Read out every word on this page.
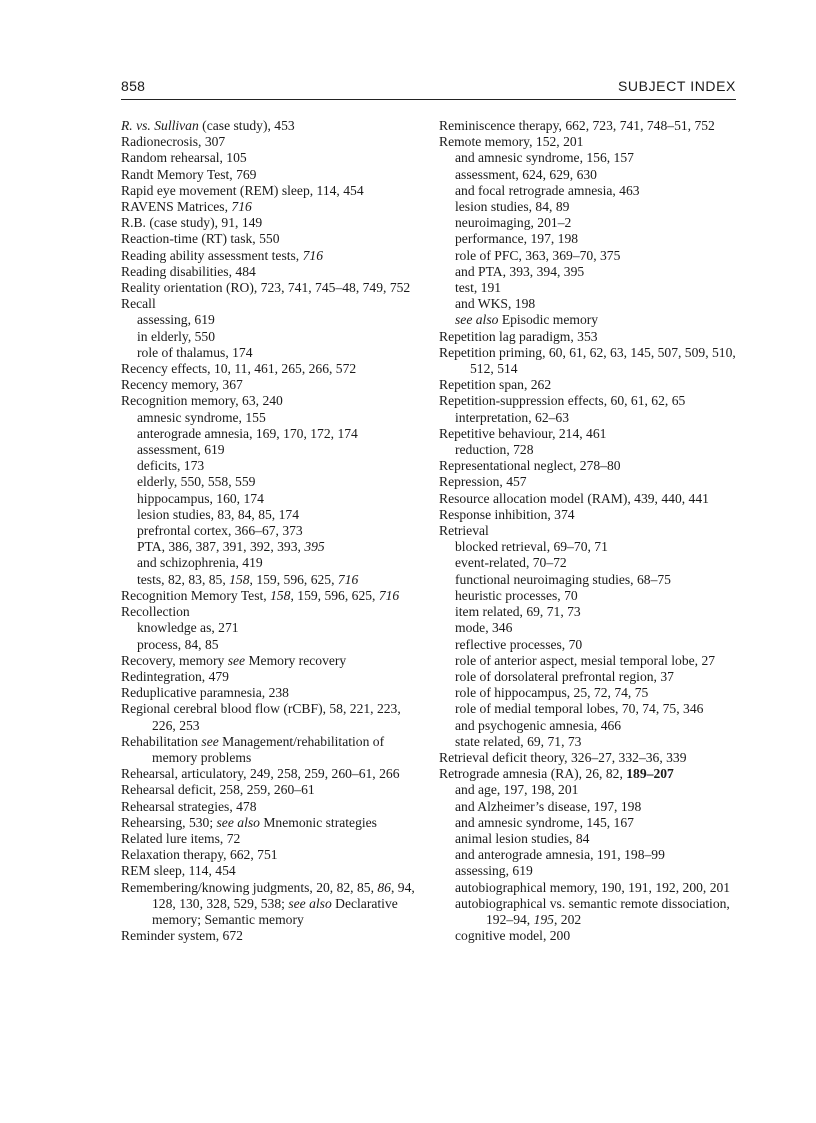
858	SUBJECT INDEX
R. vs. Sullivan (case study), 453
Radionecrosis, 307
Random rehearsal, 105
Randt Memory Test, 769
Rapid eye movement (REM) sleep, 114, 454
RAVENS Matrices, 716
R.B. (case study), 91, 149
Reaction-time (RT) task, 550
Reading ability assessment tests, 716
Reading disabilities, 484
Reality orientation (RO), 723, 741, 745–48, 749, 752
Recall
assessing, 619
in elderly, 550
role of thalamus, 174
Recency effects, 10, 11, 461, 265, 266, 572
Recency memory, 367
Recognition memory, 63, 240
amnesic syndrome, 155
anterograde amnesia, 169, 170, 172, 174
assessment, 619
deficits, 173
elderly, 550, 558, 559
hippocampus, 160, 174
lesion studies, 83, 84, 85, 174
prefrontal cortex, 366–67, 373
PTA, 386, 387, 391, 392, 393, 395
and schizophrenia, 419
tests, 82, 83, 85, 158, 159, 596, 625, 716
Recognition Memory Test, 158, 159, 596, 625, 716
Recollection
knowledge as, 271
process, 84, 85
Recovery, memory see Memory recovery
Redintegration, 479
Reduplicative paramnesia, 238
Regional cerebral blood flow (rCBF), 58, 221, 223, 226, 253
Rehabilitation see Management/rehabilitation of memory problems
Rehearsal, articulatory, 249, 258, 259, 260–61, 266
Rehearsal deficit, 258, 259, 260–61
Rehearsal strategies, 478
Rehearsing, 530; see also Mnemonic strategies
Related lure items, 72
Relaxation therapy, 662, 751
REM sleep, 114, 454
Remembering/knowing judgments, 20, 82, 85, 86, 94, 128, 130, 328, 529, 538; see also Declarative memory; Semantic memory
Reminder system, 672
Reminiscence therapy, 662, 723, 741, 748–51, 752
Remote memory, 152, 201
and amnesic syndrome, 156, 157
assessment, 624, 629, 630
and focal retrograde amnesia, 463
lesion studies, 84, 89
neuroimaging, 201–2
performance, 197, 198
role of PFC, 363, 369–70, 375
and PTA, 393, 394, 395
test, 191
and WKS, 198
see also Episodic memory
Repetition lag paradigm, 353
Repetition priming, 60, 61, 62, 63, 145, 507, 509, 510, 512, 514
Repetition span, 262
Repetition-suppression effects, 60, 61, 62, 65
interpretation, 62–63
Repetitive behaviour, 214, 461
reduction, 728
Representational neglect, 278–80
Repression, 457
Resource allocation model (RAM), 439, 440, 441
Response inhibition, 374
Retrieval
blocked retrieval, 69–70, 71
event-related, 70–72
functional neuroimaging studies, 68–75
heuristic processes, 70
item related, 69, 71, 73
mode, 346
reflective processes, 70
role of anterior aspect, mesial temporal lobe, 27
role of dorsolateral prefrontal region, 37
role of hippocampus, 25, 72, 74, 75
role of medial temporal lobes, 70, 74, 75, 346
and psychogenic amnesia, 466
state related, 69, 71, 73
Retrieval deficit theory, 326–27, 332–36, 339
Retrograde amnesia (RA), 26, 82, 189–207
and age, 197, 198, 201
and Alzheimer’s disease, 197, 198
and amnesic syndrome, 145, 167
animal lesion studies, 84
and anterograde amnesia, 191, 198–99
assessing, 619
autobiographical memory, 190, 191, 192, 200, 201
autobiographical vs. semantic remote dissociation, 192–94, 195, 202
cognitive model, 200
